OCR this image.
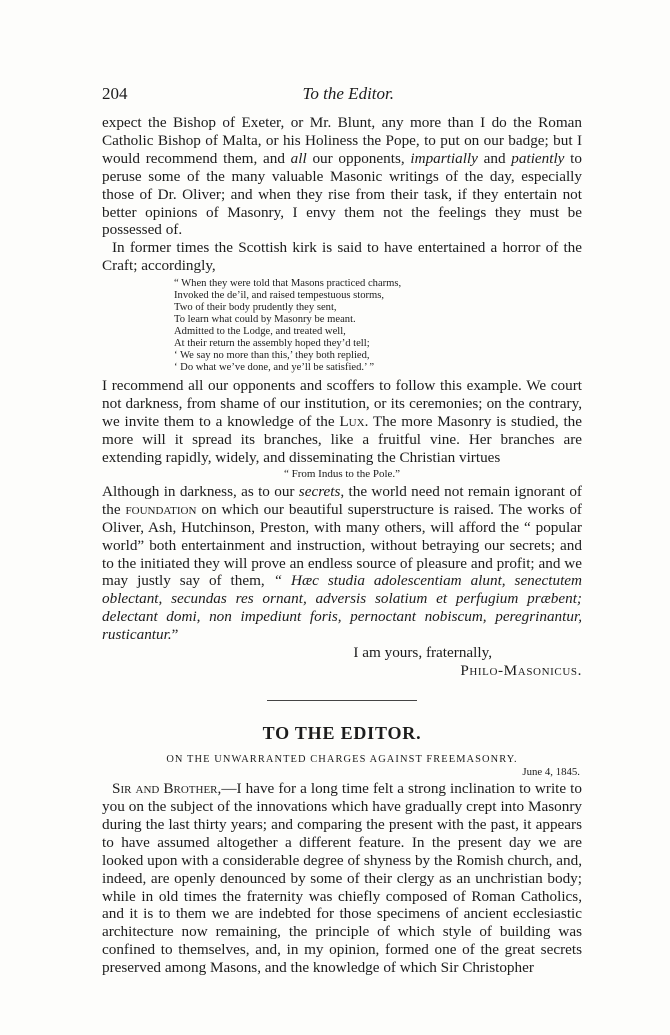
204	To the Editor.

expect the Bishop of Exeter, or Mr. Blunt, any more than I do the Roman Catholic Bishop of Malta, or his Holiness the Pope, to put on our badge; but I would recommend them, and all our opponents, impartially and patiently to peruse some of the many valuable Masonic writings of the day, especially those of Dr. Oliver; and when they rise from their task, if they entertain not better opinions of Masonry, I envy them not the feelings they must be possessed of.

In former times the Scottish kirk is said to have entertained a horror of the Craft; accordingly,

“ When they were told that Masons practiced charms,
Invoked the de’il, and raised tempestuous storms,
Two of their body prudently they sent,
To learn what could by Masonry be meant.
Admitted to the Lodge, and treated well,
At their return the assembly hoped they’d tell;
‘ We say no more than this,’ they both replied,
‘ Do what we’ve done, and ye’ll be satisfied.’ ”

I recommend all our opponents and scoffers to follow this example. We court not darkness, from shame of our institution, or its ceremonies; on the contrary, we invite them to a knowledge of the Lux. The more Masonry is studied, the more will it spread its branches, like a fruitful vine. Her branches are extending rapidly, widely, and disseminating the Christian virtues

“ From Indus to the Pole.”

Although in darkness, as to our secrets, the world need not remain ignorant of the foundation on which our beautiful superstructure is raised. The works of Oliver, Ash, Hutchinson, Preston, with many others, will afford the “ popular world” both entertainment and instruction, without betraying our secrets; and to the initiated they will prove an endless source of pleasure and profit; and we may justly say of them, “ Hæc studia adolescentiam alunt, senectutem oblectant, secundas res ornant, adversis solatium et perfugium præbent; delectant domi, non impediunt foris, pernoctant nobiscum, peregrinantur, rusticantur.”

I am yours, fraternally,

Philo-Masonicus.

TO THE EDITOR.
ON THE UNWARRANTED CHARGES AGAINST FREEMASONRY.
June 4, 1845.

Sir and Brother,—I have for a long time felt a strong inclination to write to you on the subject of the innovations which have gradually crept into Masonry during the last thirty years; and comparing the present with the past, it appears to have assumed altogether a different feature. In the present day we are looked upon with a considerable degree of shyness by the Romish church, and, indeed, are openly denounced by some of their clergy as an unchristian body; while in old times the fraternity was chiefly composed of Roman Catholics, and it is to them we are indebted for those specimens of ancient ecclesiastic architecture now remaining, the principle of which style of building was confined to themselves, and, in my opinion, formed one of the great secrets preserved among Masons, and the knowledge of which Sir Christopher
